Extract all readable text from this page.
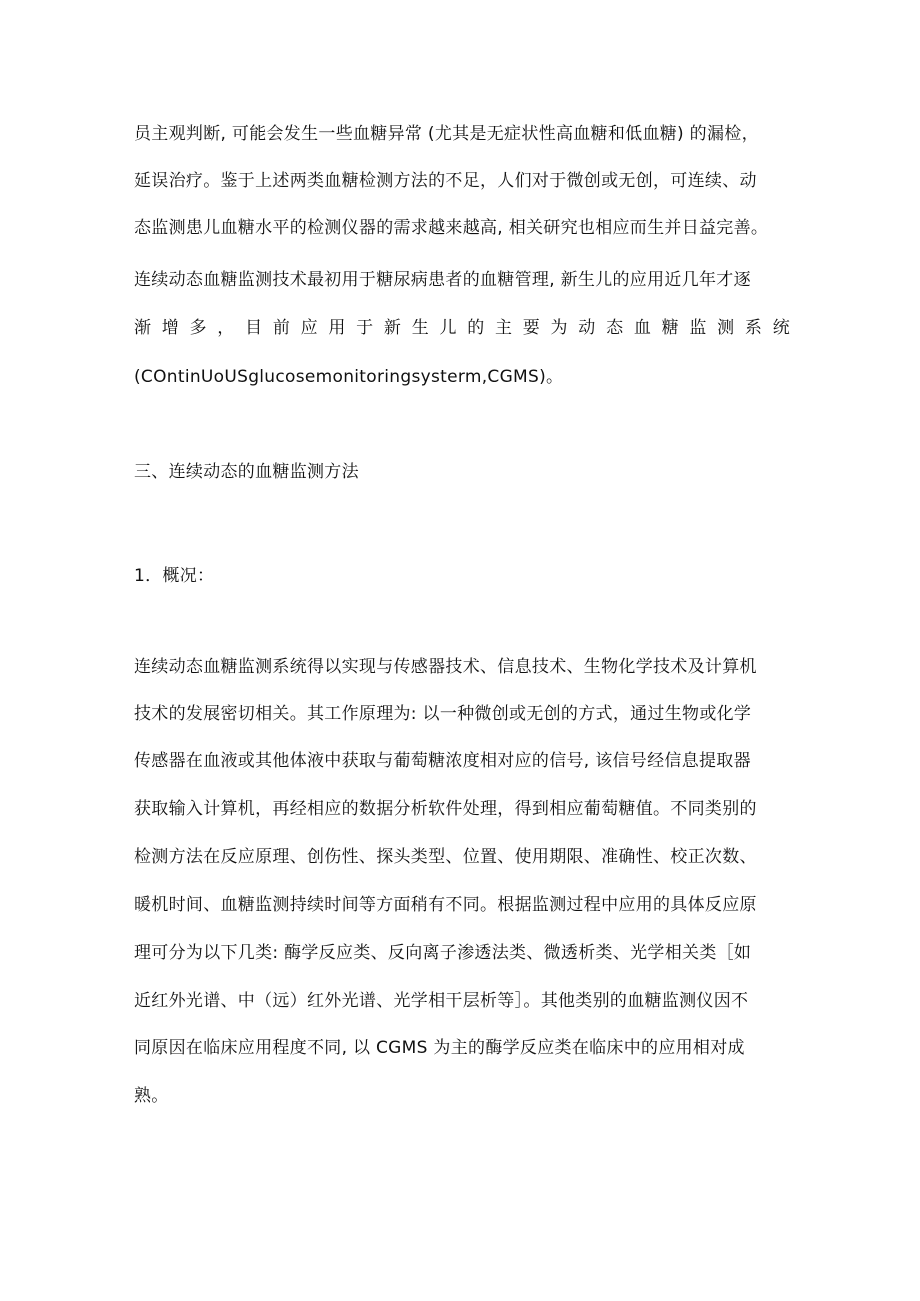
员主观判断, 可能会发生一些血糖异常 (尤其是无症状性高血糖和低血糖) 的漏检，
延误治疗。鉴于上述两类血糖检测方法的不足，人们对于微创或无创，可连续、动
态监测患儿血糖水平的检测仪器的需求越来越高, 相关研究也相应而生并日益完善。
连续动态血糖监测技术最初用于糖尿病患者的血糖管理, 新生儿的应用近几年才逐
渐 增 多 ， 目 前 应 用 于 新 生 儿 的 主 要 为 动 态 血 糖 监 测 系 统
(COntinUoUSglucosemonitoringsysterm,CGMS)。
三、连续动态的血糖监测方法
1．概况：
连续动态血糖监测系统得以实现与传感器技术、信息技术、生物化学技术及计算机
技术的发展密切相关。其工作原理为: 以一种微创或无创的方式，通过生物或化学
传感器在血液或其他体液中获取与葡萄糖浓度相对应的信号, 该信号经信息提取器
获取输入计算机，再经相应的数据分析软件处理，得到相应葡萄糖值。不同类别的
检测方法在反应原理、创伤性、探头类型、位置、使用期限、准确性、校正次数、
暖机时间、血糖监测持续时间等方面稍有不同。根据监测过程中应用的具体反应原
理可分为以下几类: 酶学反应类、反向离子渗透法类、微透析类、光学相关类［如
近红外光谱、中（远）红外光谱、光学相干层析等］。其他类别的血糖监测仪因不
同原因在临床应用程度不同, 以 CGMS 为主的酶学反应类在临床中的应用相对成
熟。
